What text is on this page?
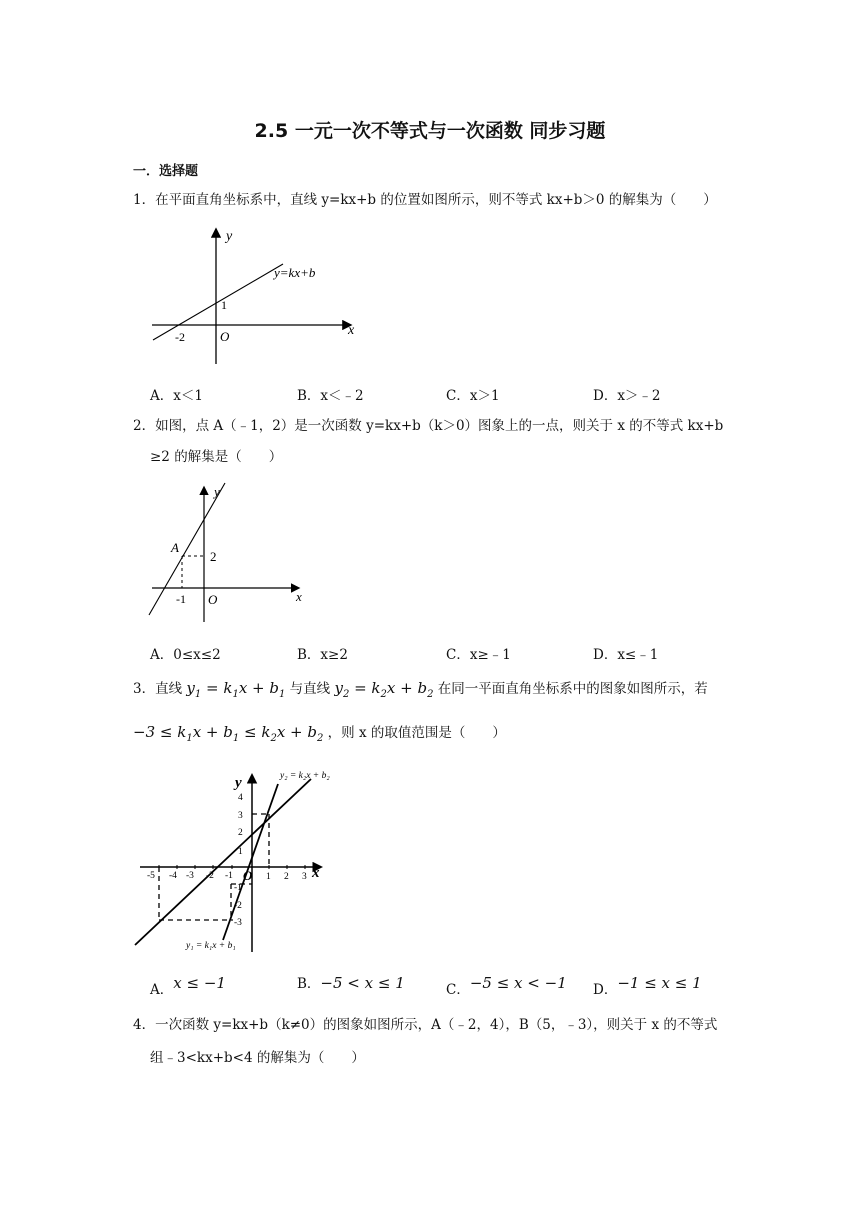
2.5 一元一次不等式与一次函数 同步习题
一．选择题
1．在平面直角坐标系中，直线 y=kx+b 的位置如图所示，则不等式 kx+b＞0 的解集为（　　）
y
x
y=kx+b
O
-2
1
A．x＜1	B．x＜﹣2	C．x＞1	D．x＞﹣2
2．如图，点 A（﹣1，2）是一次函数 y=kx+b（k＞0）图象上的一点，则关于 x 的不等式 kx+b
≥2 的解集是（　　）
A
y
x
O
-1
2
A．0≤x≤2	B．x≥2	C．x≥﹣1	D．x≤﹣1
3．直线 $y_1 = k_1x + b_1$ 与直线 $y_2 = k_2x + b_2$ 在同一平面直角坐标系中的图象如图所示，若
$-3 \le k_1x + b_1 \le k_2x + b_2$ ，则 x 的取值范围是（　　）
y
x
O
-5 -4 -3 -2 -1	1 2 3
4
3
2
1
-1
-2
-3
y₂ = k₂x + b₂
y₁ = k₁x + b₁
A．x ≤ −1	B．−5 < x ≤ 1	C．−5 ≤ x < −1 D．−1 ≤ x ≤ 1
4．一次函数 y=kx+b（k≠0）的图象如图所示，A（﹣2，4），B（5，﹣3），则关于 x 的不等式
组﹣3<kx+b<4 的解集为（　　）
